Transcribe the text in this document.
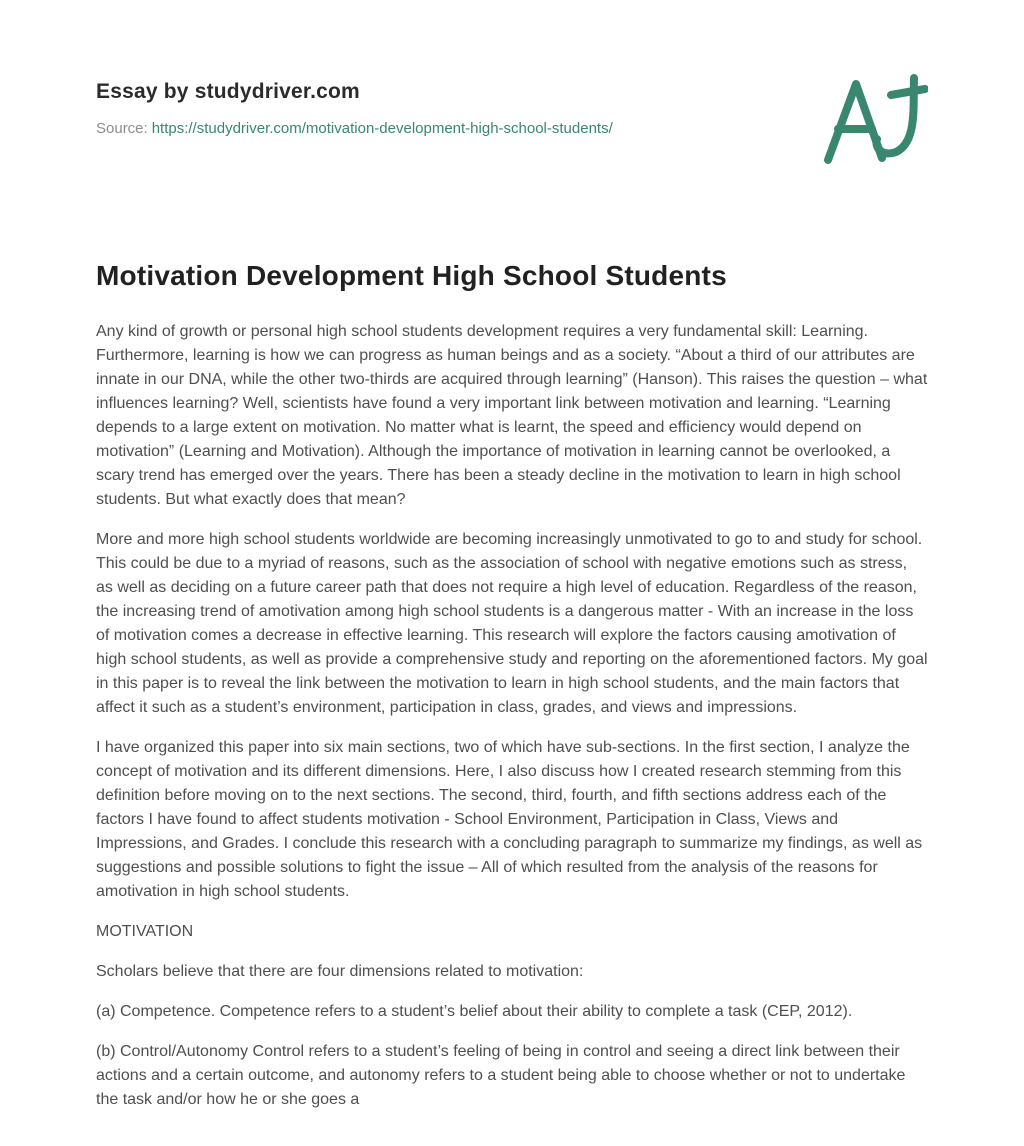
Essay by studydriver.com
Source: https://studydriver.com/motivation-development-high-school-students/
Motivation Development High School Students

Any kind of growth or personal high school students development requires a very fundamental skill: Learning. Furthermore, learning is how we can progress as human beings and as a society. “About a third of our attributes are innate in our DNA, while the other two-thirds are acquired through learning” (Hanson). This raises the question – what influences learning? Well, scientists have found a very important link between motivation and learning. “Learning depends to a large extent on motivation. No matter what is learnt, the speed and efficiency would depend on motivation” (Learning and Motivation). Although the importance of motivation in learning cannot be overlooked, a scary trend has emerged over the years. There has been a steady decline in the motivation to learn in high school students. But what exactly does that mean?

More and more high school students worldwide are becoming increasingly unmotivated to go to and study for school. This could be due to a myriad of reasons, such as the association of school with negative emotions such as stress, as well as deciding on a future career path that does not require a high level of education. Regardless of the reason, the increasing trend of amotivation among high school students is a dangerous matter - With an increase in the loss of motivation comes a decrease in effective learning. This research will explore the factors causing amotivation of high school students, as well as provide a comprehensive study and reporting on the aforementioned factors. My goal in this paper is to reveal the link between the motivation to learn in high school students, and the main factors that affect it such as a student’s environment, participation in class, grades, and views and impressions.

I have organized this paper into six main sections, two of which have sub-sections. In the first section, I analyze the concept of motivation and its different dimensions. Here, I also discuss how I created research stemming from this definition before moving on to the next sections. The second, third, fourth, and fifth sections address each of the factors I have found to affect students motivation - School Environment, Participation in Class, Views and Impressions, and Grades. I conclude this research with a concluding paragraph to summarize my findings, as well as suggestions and possible solutions to fight the issue – All of which resulted from the analysis of the reasons for amotivation in high school students.

MOTIVATION

Scholars believe that there are four dimensions related to motivation:

(a) Competence. Competence refers to a student’s belief about their ability to complete a task (CEP, 2012).

(b) Control/Autonomy Control refers to a student’s feeling of being in control and seeing a direct link between their actions and a certain outcome, and autonomy refers to a student being able to choose whether or not to undertake the task and/or how he or she goes a
